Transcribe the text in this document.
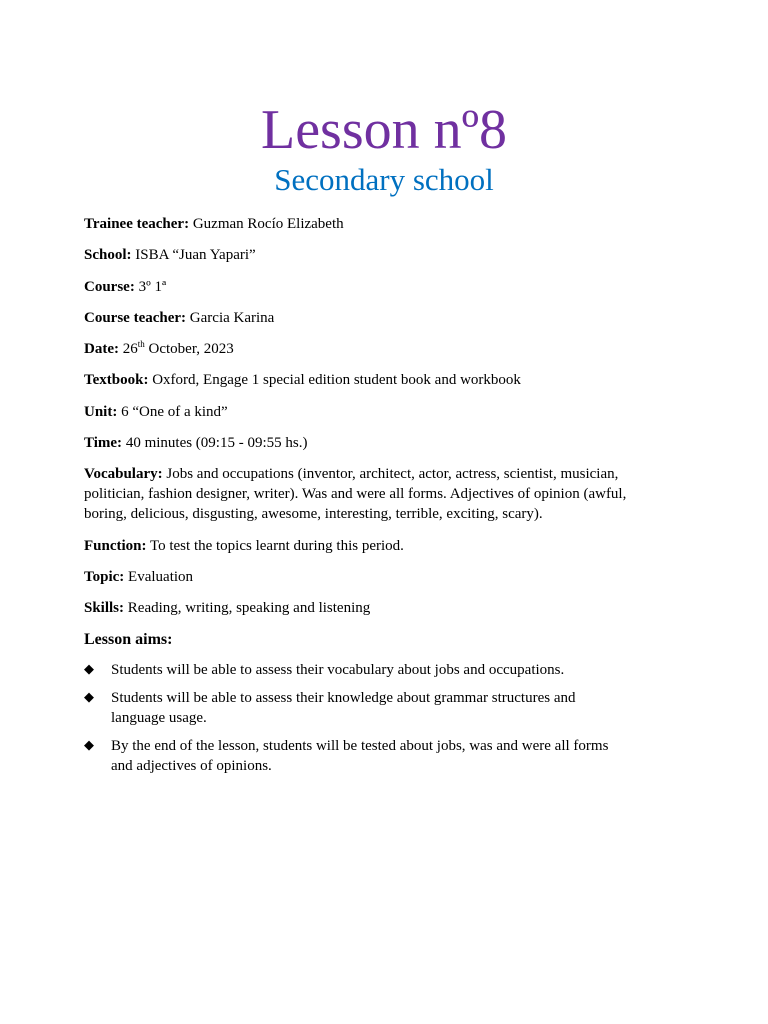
Lesson nº8
Secondary school

Trainee teacher: Guzman Rocío Elizabeth

School: ISBA “Juan Yapari”

Course: 3º 1ª

Course teacher: Garcia Karina

Date: 26th October, 2023

Textbook: Oxford, Engage 1 special edition student book and workbook

Unit: 6 “One of a kind”

Time: 40 minutes (09:15 - 09:55 hs.)

Vocabulary: Jobs and occupations (inventor, architect, actor, actress, scientist, musician, politician, fashion designer, writer). Was and were all forms. Adjectives of opinion (awful, boring, delicious, disgusting, awesome, interesting, terrible, exciting, scary).

Function: To test the topics learnt during this period.

Topic: Evaluation

Skills: Reading, writing, speaking and listening

Lesson aims:

◆ Students will be able to assess their vocabulary about jobs and occupations.
◆ Students will be able to assess their knowledge about grammar structures and language usage.
◆ By the end of the lesson, students will be tested about jobs, was and were all forms and adjectives of opinions.
